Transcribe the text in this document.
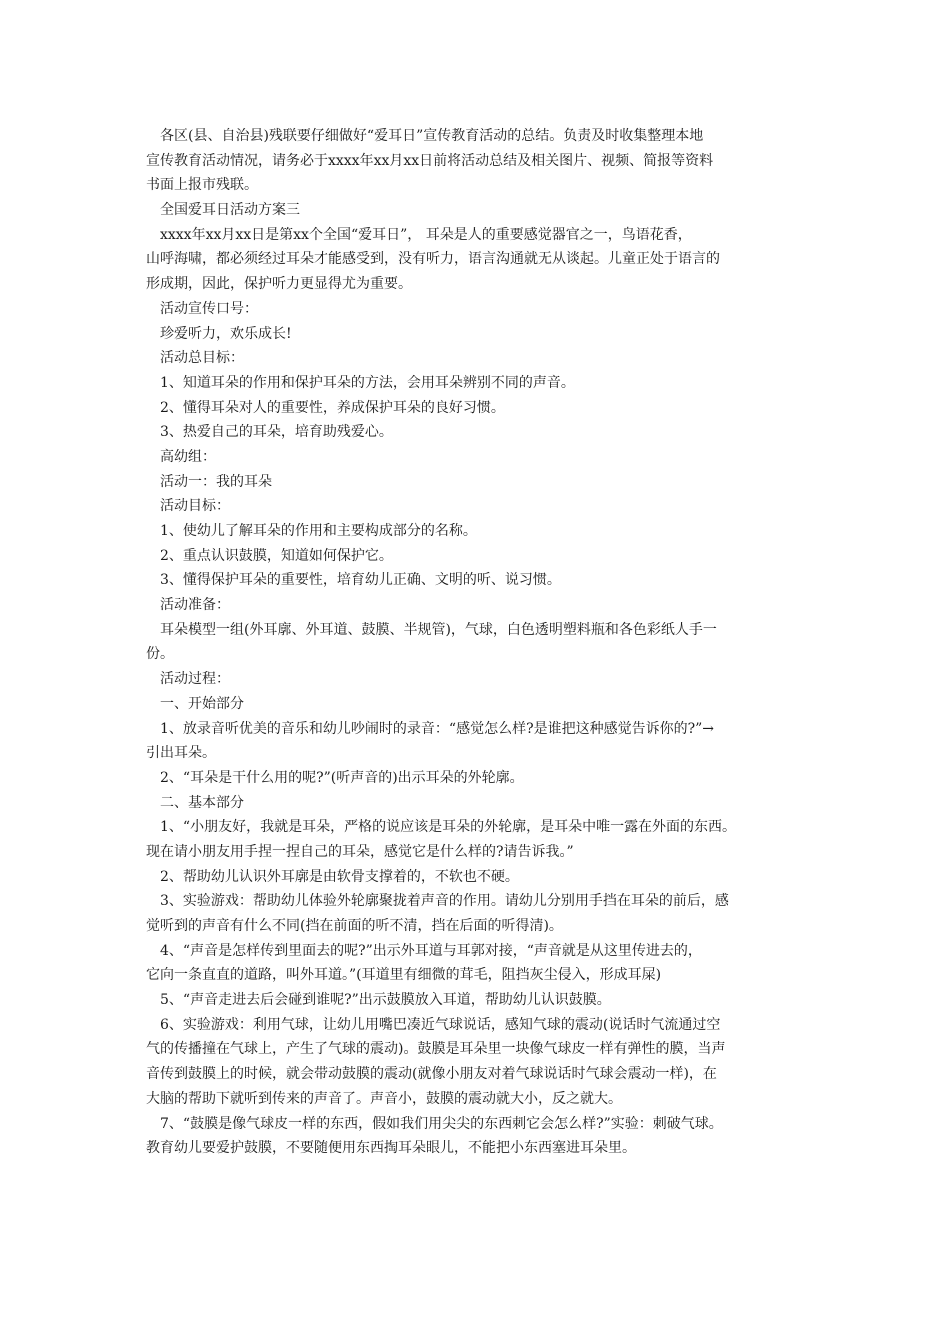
各区(县、自治县)残联要仔细做好“爱耳日”宣传教育活动的总结。负责及时收集整理本地
宣传教育活动情况，请务必于xxxx年xx月xx日前将活动总结及相关图片、视频、简报等资料
书面上报市残联。
全国爱耳日活动方案三
xxxx年xx月xx日是第xx个全国“爱耳日”， 耳朵是人的重要感觉器官之一，鸟语花香，
山呼海啸，都必须经过耳朵才能感受到，没有听力，语言沟通就无从谈起。儿童正处于语言的
形成期，因此，保护听力更显得尤为重要。
活动宣传口号：
珍爱听力，欢乐成长!
活动总目标：
1、知道耳朵的作用和保护耳朵的方法，会用耳朵辨别不同的声音。
2、懂得耳朵对人的重要性，养成保护耳朵的良好习惯。
3、热爱自己的耳朵，培育助残爱心。
高幼组：
活动一：我的耳朵
活动目标：
1、使幼儿了解耳朵的作用和主要构成部分的名称。
2、重点认识鼓膜，知道如何保护它。
3、懂得保护耳朵的重要性，培育幼儿正确、文明的听、说习惯。
活动准备：
耳朵模型一组(外耳廓、外耳道、鼓膜、半规管)，气球，白色透明塑料瓶和各色彩纸人手一
份。
活动过程：
一、开始部分
1、放录音听优美的音乐和幼儿吵闹时的录音：“感觉怎么样?是谁把这种感觉告诉你的?”→
引出耳朵。
2、“耳朵是干什么用的呢?”(听声音的)出示耳朵的外轮廓。
二、基本部分
1、“小朋友好，我就是耳朵，严格的说应该是耳朵的外轮廓，是耳朵中唯一露在外面的东西。
现在请小朋友用手捏一捏自己的耳朵，感觉它是什么样的?请告诉我。”
2、帮助幼儿认识外耳廓是由软骨支撑着的，不软也不硬。
3、实验游戏：帮助幼儿体验外轮廓聚拢着声音的作用。请幼儿分别用手挡在耳朵的前后，感
觉听到的声音有什么不同(挡在前面的听不清，挡在后面的听得清)。
4、“声音是怎样传到里面去的呢?”出示外耳道与耳郭对接，“声音就是从这里传进去的，
它向一条直直的道路，叫外耳道。”(耳道里有细微的茸毛，阻挡灰尘侵入，形成耳屎)
5、“声音走进去后会碰到谁呢?”出示鼓膜放入耳道，帮助幼儿认识鼓膜。
6、实验游戏：利用气球，让幼儿用嘴巴凑近气球说话，感知气球的震动(说话时气流通过空
气的传播撞在气球上，产生了气球的震动)。鼓膜是耳朵里一块像气球皮一样有弹性的膜，当声
音传到鼓膜上的时候，就会带动鼓膜的震动(就像小朋友对着气球说话时气球会震动一样)，在
大脑的帮助下就听到传来的声音了。声音小，鼓膜的震动就大小，反之就大。
7、“鼓膜是像气球皮一样的东西，假如我们用尖尖的东西刺它会怎么样?”实验：刺破气球。
教育幼儿要爱护鼓膜，不要随便用东西掏耳朵眼儿，不能把小东西塞进耳朵里。
